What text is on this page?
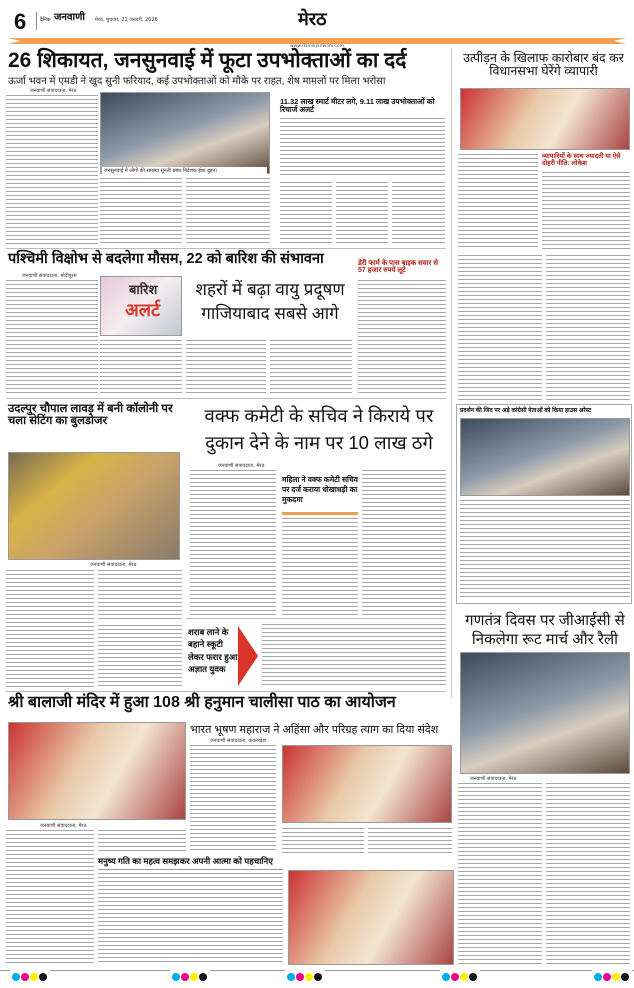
6	दैनिक जनवाणी मेरठ, बुधवार, 21 जनवरी, 2026	मेरठ
www.dainikjanwani.com
26 शिकायत, जनसुनवाई में फूटा उपभोक्ताओं का दर्द
ऊर्जा भवन में एमडी ने खुद सुनी फरियाद, कई उपभोक्ताओं को मौके पर राहत, शेष मामलों पर मिला भरोसा
जनवाणी संवाददाता, मेरठ
जनसुनवाई में लोगों की समस्या सुनती प्रबंध निदेशक ईशा दुहन।
11.32 लाख स्मार्ट मीटर लगे, 9.11 लाख उपभोक्ताओं को रिचार्ज अलर्ट
उत्पीड़न के खिलाफ कारोबार बंद कर विधानसभा घेरेंगे व्यापारी
व्यापारियों के साथ ज्यादती या ऐसे दोहरी नीति: लोकेश
पश्चिमी विक्षोभ से बदलेगा मौसम, 22 को बारिश की संभावना
जनवाणी संवाददाता, मोदीपुरम
बारिश
अलर्ट
शहरों में बढ़ा वायु प्रदूषण गाजियाबाद सबसे आगे
डेरी फार्म के पास बाइक सवार से 57 हजार रुपये लूटे
उदल्पुर चौपाल लावड़ में बनी कॉलोनी पर चला सेटिंग का बुलडोजर
जनवाणी संवाददाता, मेरठ
वक्फ कमेटी के सचिव ने किराये पर दुकान देने के नाम पर 10 लाख ठगे
जनवाणी संवाददाता, मेरठ
महिला ने वक्फ कमेटी सचिव पर दर्ज कराया धोखाधड़ी का मुकदमा
शराब लाने के बहाने स्कूटी लेकर फरार हुआ अज्ञात युवक
प्रदर्शन की जिद पर अड़े कांग्रेसी नेताओं को किया हाउस अरेस्ट
गणतंत्र दिवस पर जीआईसी से निकलेगा रूट मार्च और रैली
जनवाणी संवाददाता, मेरठ
श्री बालाजी मंदिर में हुआ 108 श्री हनुमान चालीसा पाठ का आयोजन
जनवाणी संवाददाता, मेरठ
भारत भूषण महाराज ने अहिंसा और परिग्रह त्याग का दिया संदेश
जनवाणी संवाददाता, कंकरखेड़ा
मनुष्य गति का महत्व समझकर अपनी आत्मा को पहचानिए
